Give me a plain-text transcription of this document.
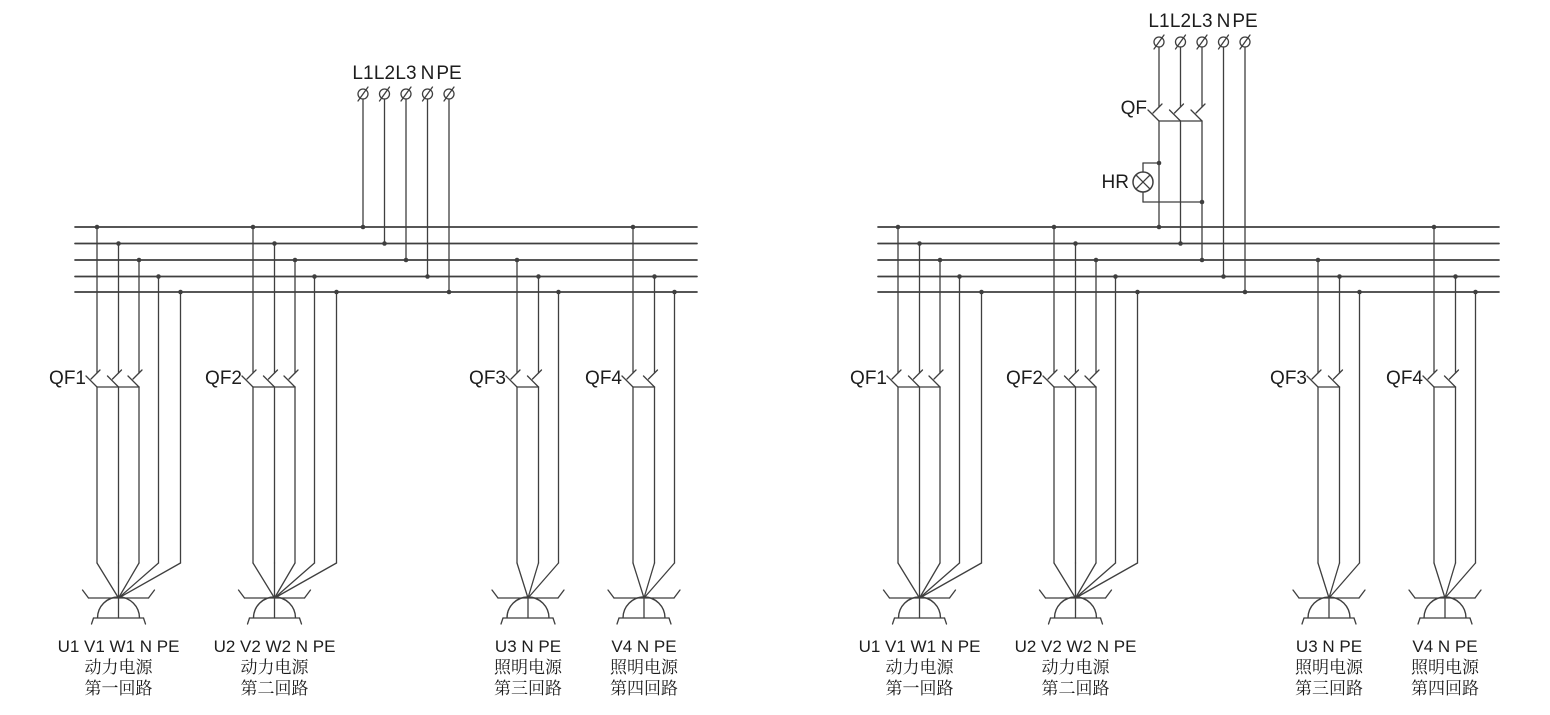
L1 L2 L3 N PE
QF1
U1 V1 W1 N PE
动力电源
第一回路
QF2
U2 V2 W2 N PE
动力电源
第二回路
QF3
U3 N PE
照明电源
第三回路
QF4
V4 N PE
照明电源
第四回路
L1 L2 L3 N PE
QF
HR
QF1
U1 V1 W1 N PE
动力电源
第一回路
QF2
U2 V2 W2 N PE
动力电源
第二回路
QF3
U3 N PE
照明电源
第三回路
QF4
V4 N PE
照明电源
第四回路
